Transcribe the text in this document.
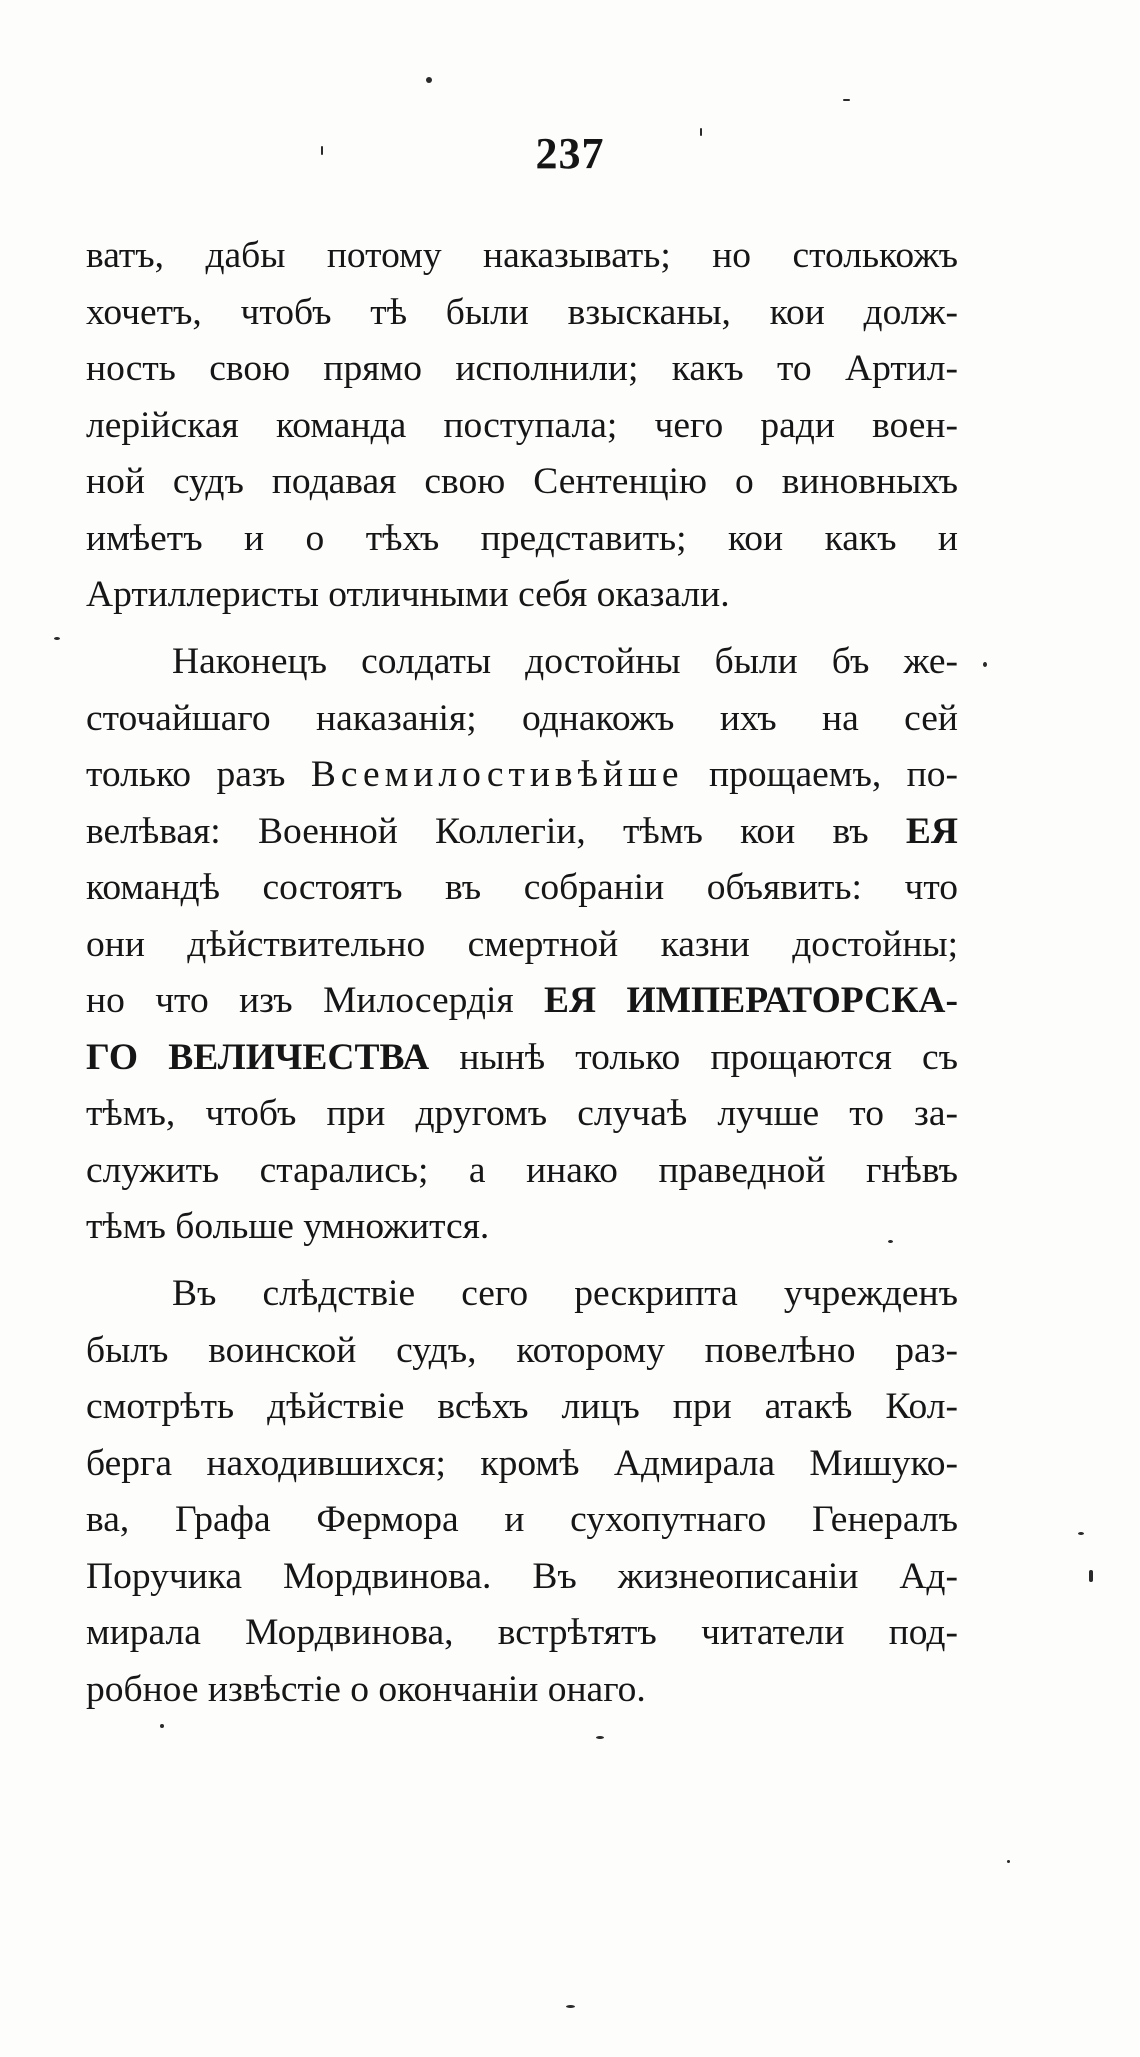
237
ватъ, дабы потому наказывать; но столькожъ
хочетъ, чтобъ тѣ были взысканы, кои долж-
ность свою прямо исполнили; какъ то Артил-
лерійская команда поступала; чего ради воен-
ной судъ подавая свою Сентенцію о виновныхъ
имѣетъ и о тѣхъ представить; кои какъ и
Артиллеристы отличными себя оказали.
Наконецъ солдаты достойны были бъ же-
сточайшаго наказанія; однакожъ ихъ на сей
только разъ Всемилостивѣйше прощаемъ, по-
велѣвая: Военной Коллегіи, тѣмъ кои въ ЕЯ
командѣ состоятъ въ собраніи объявить: что
они дѣйствительно смертной казни достойны;
но что изъ Милосердія ЕЯ ИМПЕРАТОРСКА-
ГО ВЕЛИЧЕСТВА нынѣ только прощаются съ
тѣмъ, чтобъ при другомъ случаѣ лучше то за-
служить старались; а инако праведной гнѣвъ
тѣмъ больше умножится.
Въ слѣдствіе сего рескрипта учрежденъ
былъ воинской судъ, которому повелѣно раз-
смотрѣть дѣйствіе всѣхъ лицъ при атакѣ Кол-
берга находившихся; кромѣ Адмирала Мишуко-
ва, Графа Фермора и сухопутнаго Генералъ
Поручика Мордвинова. Въ жизнеописаніи Ад-
мирала Мордвинова, встрѣтятъ читатели под-
робное извѣстіе о окончаніи онаго.
